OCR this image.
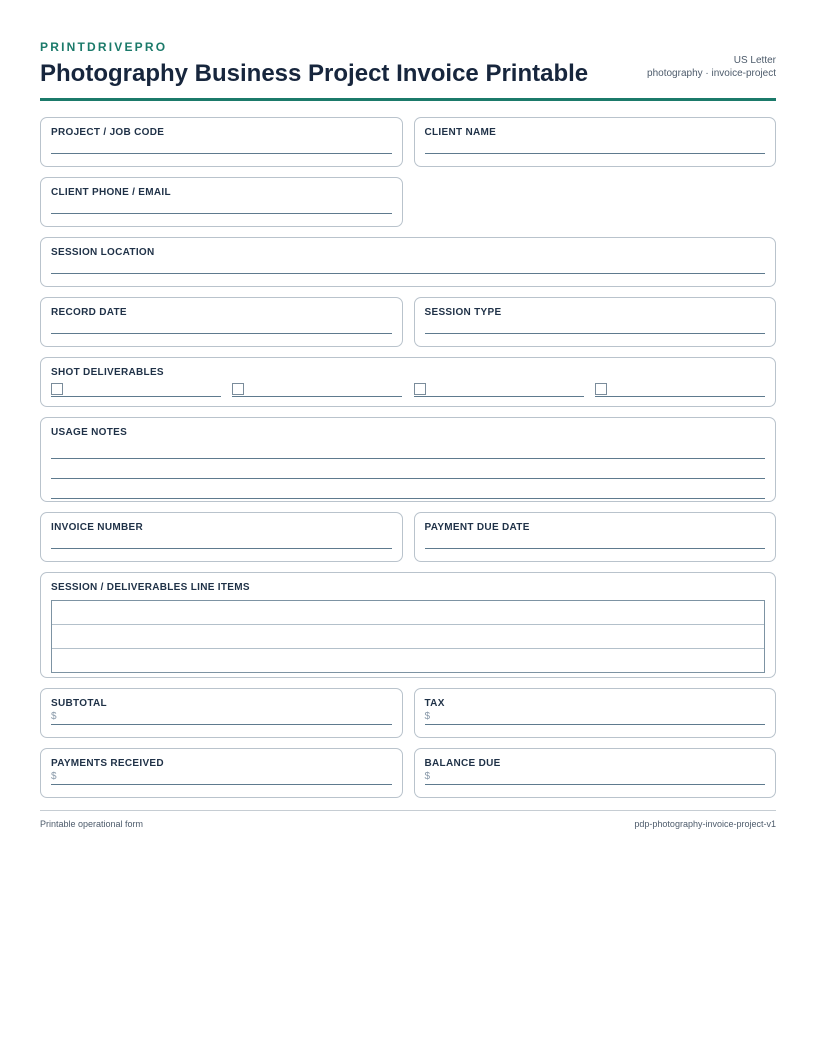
PRINTDRIVEPRO
Photography Business Project Invoice Printable	US Letter
photography · invoice-project
PROJECT / JOB CODE	CLIENT NAME
CLIENT PHONE / EMAIL
SESSION LOCATION
RECORD DATE	SESSION TYPE
SHOT DELIVERABLES
USAGE NOTES
INVOICE NUMBER	PAYMENT DUE DATE
SESSION / DELIVERABLES LINE ITEMS
SUBTOTAL
$
TAX
$
PAYMENTS RECEIVED
$
BALANCE DUE
$
Printable operational form	pdp-photography-invoice-project-v1
